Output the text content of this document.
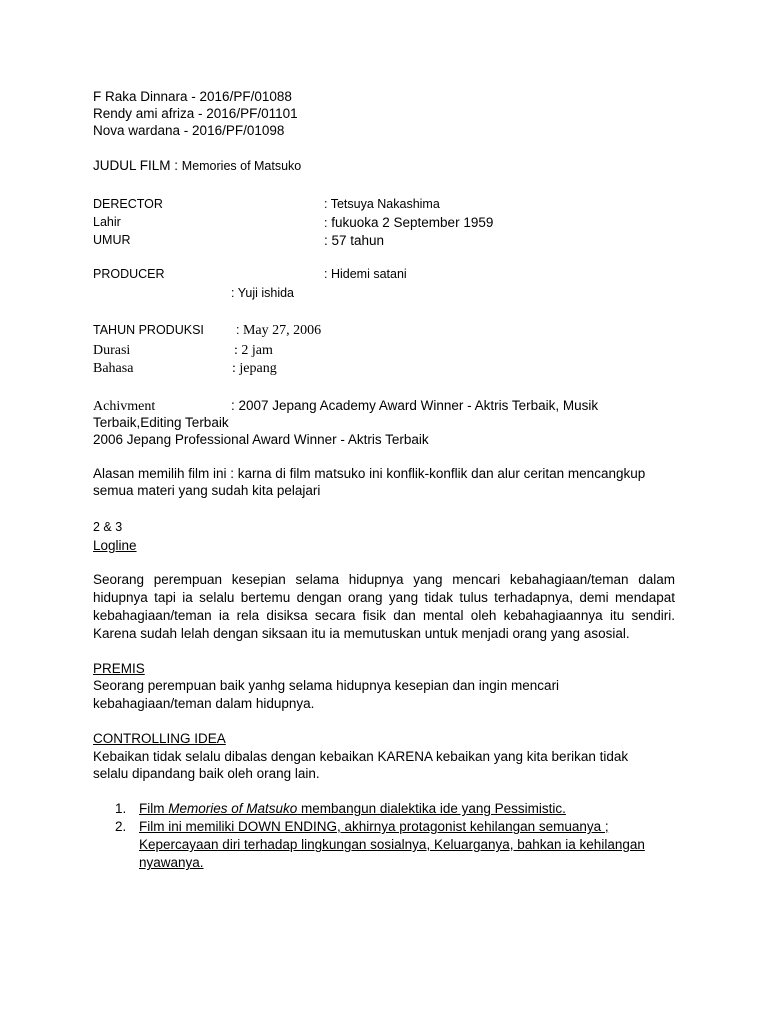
F Raka Dinnara - 2016/PF/01088
Rendy ami afriza - 2016/PF/01101
Nova wardana - 2016/PF/01098
JUDUL FILM : Memories of Matsuko
DERECTOR	: Tetsuya Nakashima
Lahir	: fukuoka 2 September 1959
UMUR	: 57 tahun
PRODUCER	: Hidemi satani
: Yuji ishida
TAHUN PRODUKSI	: May 27, 2006
Durasi	: 2 jam
Bahasa	: jepang
Achivment	: 2007 Jepang Academy Award Winner - Aktris Terbaik, Musik
Terbaik,Editing Terbaik
2006 Jepang Professional Award Winner - Aktris Terbaik
Alasan memilih film ini : karna di film matsuko ini konflik-konflik dan alur ceritan mencangkup
semua materi yang sudah kita pelajari
2 & 3
Logline
Seorang perempuan kesepian selama hidupnya yang mencari kebahagiaan/teman dalam hidupnya tapi ia selalu bertemu dengan orang yang tidak tulus terhadapnya, demi mendapat kebahagiaan/teman ia rela disiksa secara fisik dan mental oleh kebahagiaannya itu sendiri. Karena sudah lelah dengan siksaan itu ia memutuskan untuk menjadi orang yang asosial.
PREMIS
Seorang perempuan baik yanhg selama hidupnya kesepian dan ingin mencari
kebahagiaan/teman dalam hidupnya.
CONTROLLING IDEA
Kebaikan tidak selalu dibalas dengan kebaikan KARENA kebaikan yang kita berikan tidak
selalu dipandang baik oleh orang lain.
1. Film Memories of Matsuko membangun dialektika ide yang Pessimistic.
2. Film ini memiliki DOWN ENDING, akhirnya protagonist kehilangan semuanya ;
Kepercayaan diri terhadap lingkungan sosialnya, Keluarganya, bahkan ia kehilangan
nyawanya.
